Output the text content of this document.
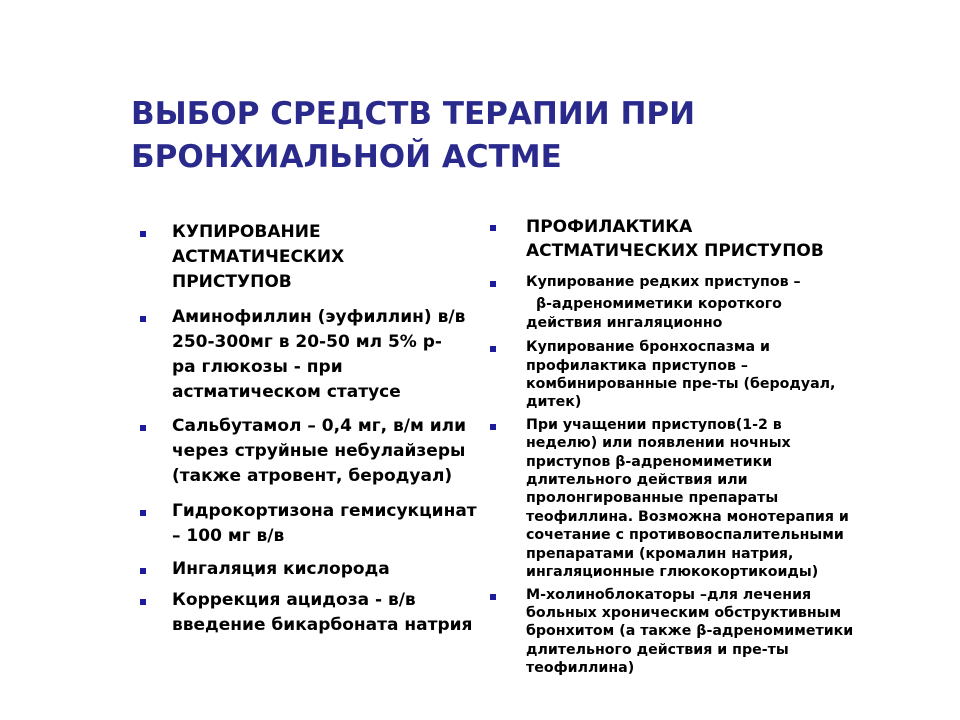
ВЫБОР СРЕДСТВ ТЕРАПИИ ПРИ
БРОНХИАЛЬНОЙ АСТМЕ
КУПИРОВАНИЕ
АСТМАТИЧЕСКИХ
ПРИСТУПОВ
Аминофиллин (эуфиллин) в/в
250-300мг в 20-50 мл 5% р-
ра глюкозы - при
астматическом статусе
Сальбутамол – 0,4 мг, в/м или
через струйные небулайзеры
(также атровент, беродуал)
Гидрокортизона гемисукцинат
– 100 мг в/в
Ингаляция кислорода
Коррекция ацидоза - в/в
введение бикарбоната натрия
ПРОФИЛАКТИКА
АСТМАТИЧЕСКИХ ПРИСТУПОВ
Купирование редких приступов –
β-адреномиметики короткого
действия ингаляционно
Купирование бронхоспазма и
профилактика приступов –
комбинированные пре-ты (беродуал,
дитек)
При учащении приступов(1-2 в
неделю) или появлении ночных
приступов β-адреномиметики
длительного действия или
пролонгированные препараты
теофиллина. Возможна монотерапия и
сочетание с противовоспалительными
препаратами (кромалин натрия,
ингаляционные глюкокортикоиды)
М-холиноблокаторы –для лечения
больных хроническим обструктивным
бронхитом (а также β-адреномиметики
длительного действия и пре-ты
теофиллина)
